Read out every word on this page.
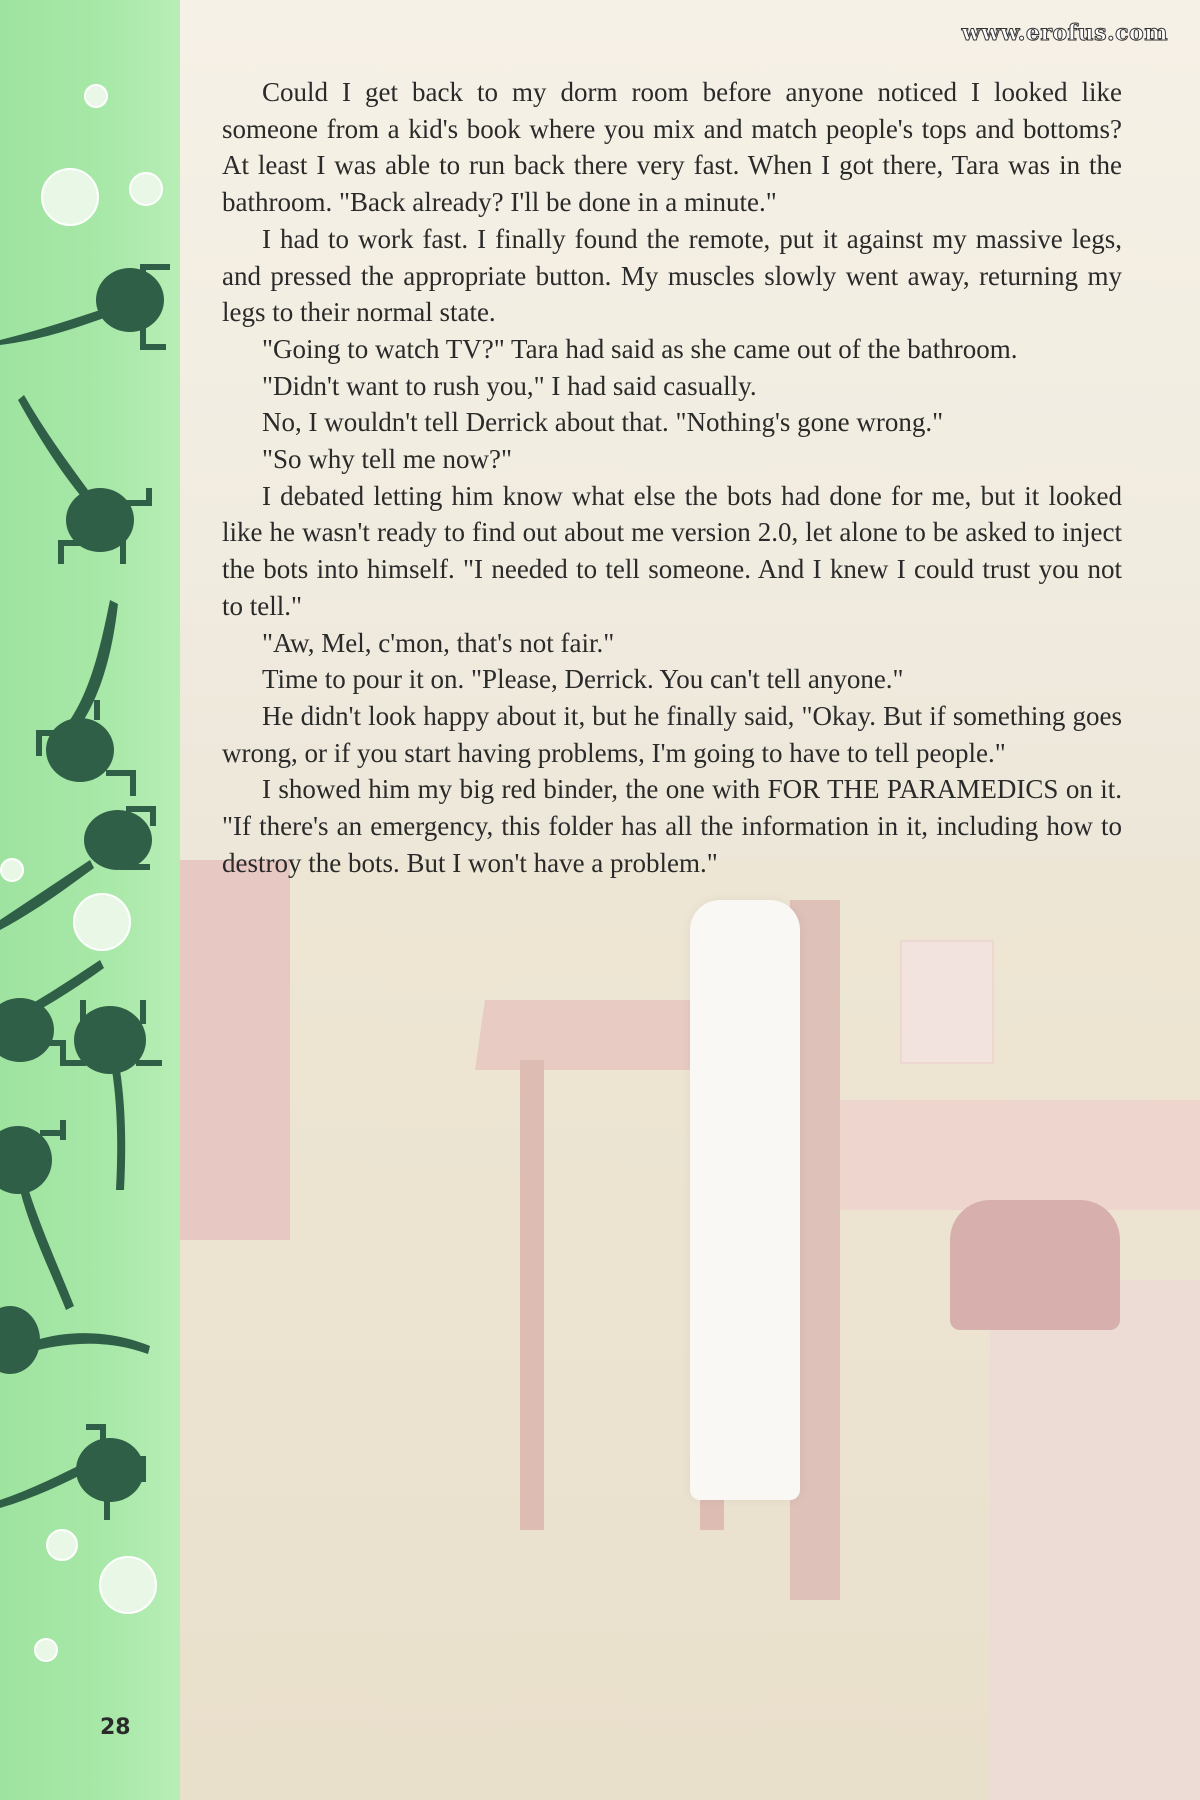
www.erofus.com

Could I get back to my dorm room before anyone noticed I looked like someone from a kid's book where you mix and match people's tops and bottoms? At least I was able to run back there very fast. When I got there, Tara was in the bathroom. "Back already? I'll be done in a minute."

I had to work fast. I finally found the remote, put it against my massive legs, and pressed the appropriate button. My muscles slowly went away, returning my legs to their normal state.

"Going to watch TV?" Tara had said as she came out of the bathroom.

"Didn't want to rush you," I had said casually.

No, I wouldn't tell Derrick about that. "Nothing's gone wrong."

"So why tell me now?"

I debated letting him know what else the bots had done for me, but it looked like he wasn't ready to find out about me version 2.0, let alone to be asked to inject the bots into himself. "I needed to tell someone. And I knew I could trust you not to tell."

"Aw, Mel, c'mon, that's not fair."

Time to pour it on. "Please, Derrick. You can't tell anyone."

He didn't look happy about it, but he finally said, "Okay. But if something goes wrong, or if you start having problems, I'm going to have to tell people."

I showed him my big red binder, the one with FOR THE PARAMEDICS on it. "If there's an emergency, this folder has all the information in it, including how to destroy the bots. But I won't have a problem."

28
